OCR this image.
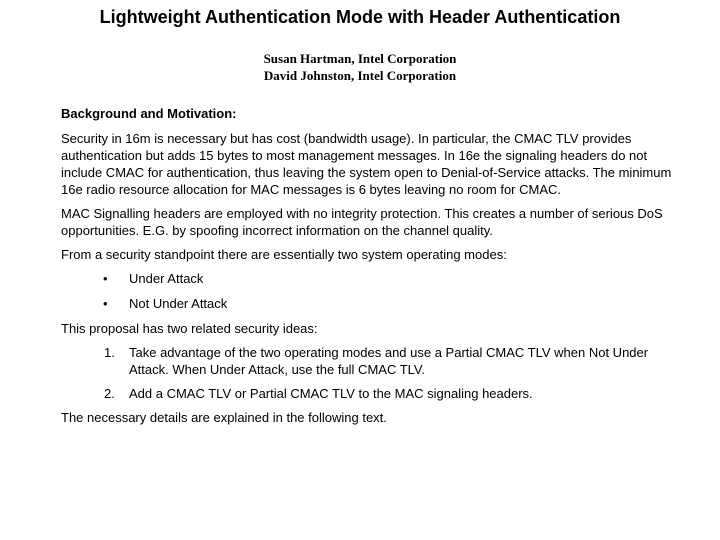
Lightweight Authentication Mode with Header Authentication
Susan Hartman, Intel Corporation
David Johnston, Intel Corporation
Background and Motivation:

Security in 16m is necessary but has cost (bandwidth usage). In particular, the CMAC TLV provides authentication but adds 15 bytes to most management messages. In 16e the signaling headers do not include CMAC for authentication, thus leaving the system open to Denial-of-Service attacks. The minimum 16e radio resource allocation for MAC messages is 6 bytes leaving no room for CMAC.

MAC Signalling headers are employed with no integrity protection. This creates a number of serious DoS opportunities. E.G. by spoofing incorrect information on the channel quality.

From a security standpoint there are essentially two system operating modes:

• Under Attack
• Not Under Attack

This proposal has two related security ideas:

1. Take advantage of the two operating modes and use a Partial CMAC TLV when Not Under Attack. When Under Attack, use the full CMAC TLV.
2. Add a CMAC TLV or Partial CMAC TLV to the MAC signaling headers.

The necessary details are explained in the following text.
